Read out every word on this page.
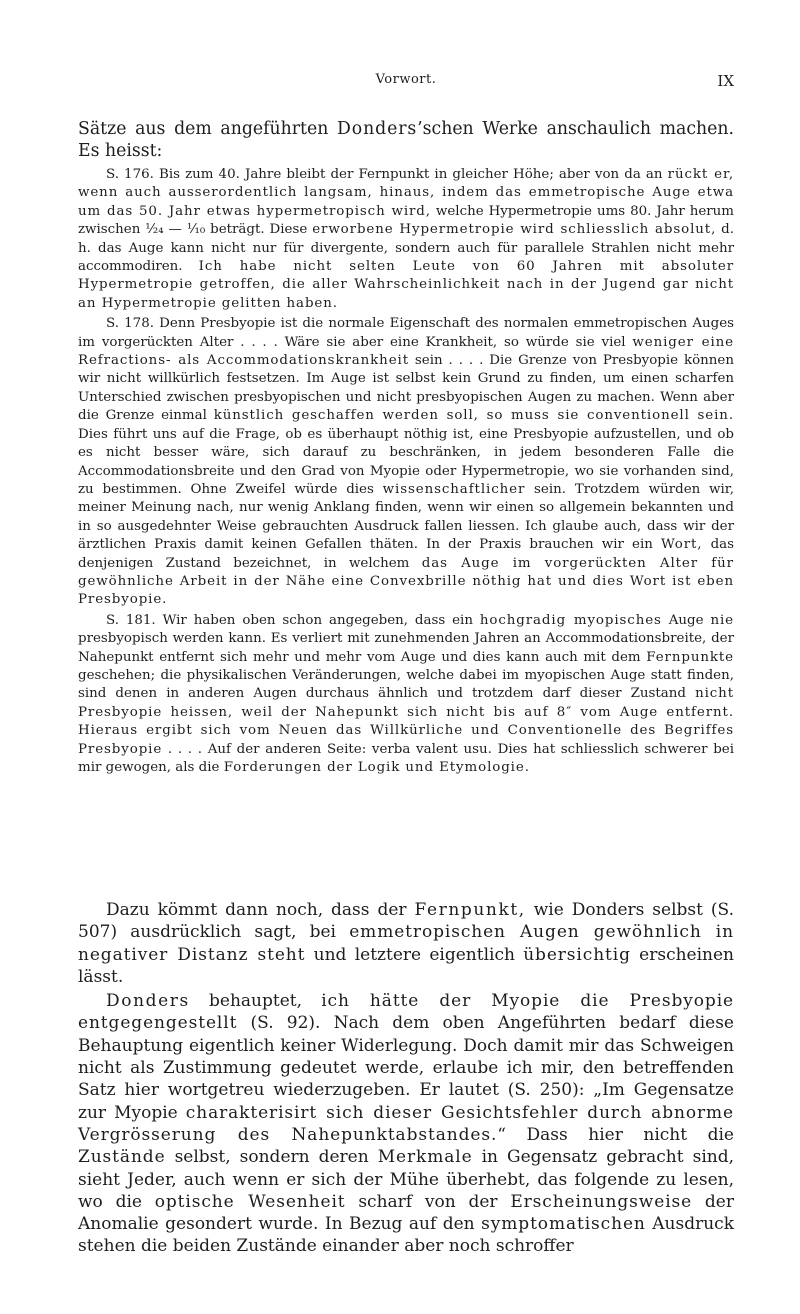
Vorwort.	IX
Sätze aus dem angeführten Donders’schen Werke anschaulich machen. Es heisst:

S. 176. Bis zum 40. Jahre bleibt der Fernpunkt in gleicher Höhe; aber von da an rückt er, wenn auch ausserordentlich langsam, hinaus, indem das emmetropische Auge etwa um das 50. Jahr etwas hypermetropisch wird, welche Hypermetropie ums 80. Jahr herum zwischen ¹⁄₂₄ — ¹⁄₁₀ beträgt. Diese erworbene Hypermetropie wird schliesslich absolut, d. h. das Auge kann nicht nur für divergente, sondern auch für parallele Strahlen nicht mehr accommodiren. Ich habe nicht selten Leute von 60 Jahren mit absoluter Hypermetropie getroffen, die aller Wahrscheinlichkeit nach in der Jugend gar nicht an Hypermetropie gelitten haben.

S. 178. Denn Presbyopie ist die normale Eigenschaft des normalen emmetropischen Auges im vorgerückten Alter . . . . Wäre sie aber eine Krankheit, so würde sie viel weniger eine Refractions- als Accommodationskrankheit sein . . . . Die Grenze von Presbyopie können wir nicht willkürlich festsetzen. Im Auge ist selbst kein Grund zu finden, um einen scharfen Unterschied zwischen presbyopischen und nicht presbyopischen Augen zu machen. Wenn aber die Grenze einmal künstlich geschaffen werden soll, so muss sie conventionell sein. Dies führt uns auf die Frage, ob es überhaupt nöthig ist, eine Presbyopie aufzustellen, und ob es nicht besser wäre, sich darauf zu beschränken, in jedem besonderen Falle die Accommodationsbreite und den Grad von Myopie oder Hypermetropie, wo sie vorhanden sind, zu bestimmen. Ohne Zweifel würde dies wissenschaftlicher sein. Trotzdem würden wir, meiner Meinung nach, nur wenig Anklang finden, wenn wir einen so allgemein bekannten und in so ausgedehnter Weise gebrauchten Ausdruck fallen liessen. Ich glaube auch, dass wir der ärztlichen Praxis damit keinen Gefallen thäten. In der Praxis brauchen wir ein Wort, das denjenigen Zustand bezeichnet, in welchem das Auge im vorgerückten Alter für gewöhnliche Arbeit in der Nähe eine Convexbrille nöthig hat und dies Wort ist eben Presbyopie.

S. 181. Wir haben oben schon angegeben, dass ein hochgradig myopisches Auge nie presbyopisch werden kann. Es verliert mit zunehmenden Jahren an Accommodationsbreite, der Nahepunkt entfernt sich mehr und mehr vom Auge und dies kann auch mit dem Fernpunkte geschehen; die physikalischen Veränderungen, welche dabei im myopischen Auge statt finden, sind denen in anderen Augen durchaus ähnlich und trotzdem darf dieser Zustand nicht Presbyopie heissen, weil der Nahepunkt sich nicht bis auf 8″ vom Auge entfernt. Hieraus ergibt sich vom Neuen das Willkürliche und Conventionelle des Begriffes Presbyopie . . . . Auf der anderen Seite: verba valent usu. Dies hat schliesslich schwerer bei mir gewogen, als die Forderungen der Logik und Etymologie.

Dazu kömmt dann noch, dass der Fernpunkt, wie Donders selbst (S. 507) ausdrücklich sagt, bei emmetropischen Augen gewöhnlich in negativer Distanz steht und letztere eigentlich übersichtig erscheinen lässt.

Donders behauptet, ich hätte der Myopie die Presbyopie entgegengestellt (S. 92). Nach dem oben Angeführten bedarf diese Behauptung eigentlich keiner Widerlegung. Doch damit mir das Schweigen nicht als Zustimmung gedeutet werde, erlaube ich mir, den betreffenden Satz hier wortgetreu wiederzugeben. Er lautet (S. 250): „Im Gegensatze zur Myopie charakterisirt sich dieser Gesichtsfehler durch abnorme Vergrösserung des Nahepunktabstandes.“ Dass hier nicht die Zustände selbst, sondern deren Merkmale in Gegensatz gebracht sind, sieht Jeder, auch wenn er sich der Mühe überhebt, das folgende zu lesen, wo die optische Wesenheit scharf von der Erscheinungsweise der Anomalie gesondert wurde. In Bezug auf den symptomatischen Ausdruck stehen die beiden Zustände einander aber noch schroffer
